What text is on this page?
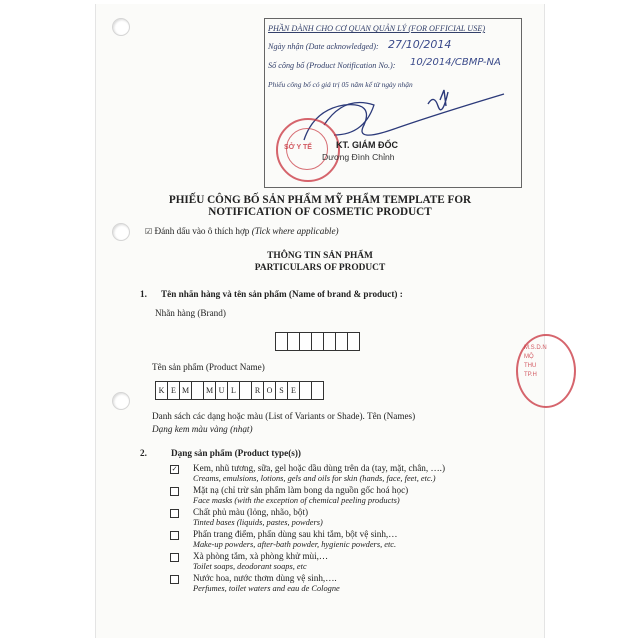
PHẦN DÀNH CHO CƠ QUAN QUẢN LÝ (FOR OFFICIAL USE)
Ngày nhận (Date acknowledged): 27/10/2014
Số công bố (Product Notification No.): 10/2014/CBMP-NA
Phiếu công bố có giá trị 05 năm kể từ ngày nhận
SỞ Y TẾ	KT. GIÁM ĐỐC
Dương Đình Chỉnh
PHIẾU CÔNG BỐ SẢN PHẨM MỸ PHẨM TEMPLATE FOR
NOTIFICATION OF COSMETIC PRODUCT
☑ Đánh dấu vào ô thích hợp (Tick where applicable)
THÔNG TIN SẢN PHẨM
PARTICULARS OF PRODUCT
1. Tên nhãn hàng và tên sản phẩm (Name of brand & product) :
Nhãn hàng (Brand)
Tên sản phẩm (Product Name)
K E M	M U L	R O S E
Danh sách các dạng hoặc màu (List of Variants or Shade). Tên (Names)
Dạng kem màu vàng (nhạt)
2.	Dạng sản phẩm (Product type(s))
✓ Kem, nhũ tương, sữa, gel hoặc dầu dùng trên da (tay, mặt, chân, ….)
Creams, emulsions, lotions, gels and oils for skin (hands, face, feet, etc.)
Mặt nạ (chỉ trừ sản phẩm làm bong da nguồn gốc hoá học)
Face masks (with the exception of chemical peeling products)
Chất phủ màu (lỏng, nhão, bột)
Tinted bases (liquids, pastes, powders)
Phấn trang điểm, phấn dùng sau khi tắm, bột vệ sinh,…
Make-up powders, after-bath powder, hygienic powders, etc.
Xà phòng tắm, xà phòng khử mùi,…
Toilet soaps, deodorant soaps, etc
Nước hoa, nước thơm dùng vệ sinh,….
Perfumes, toilet waters and eau de Cologne
M.S.D.N
MỘ
THU
TP.H
